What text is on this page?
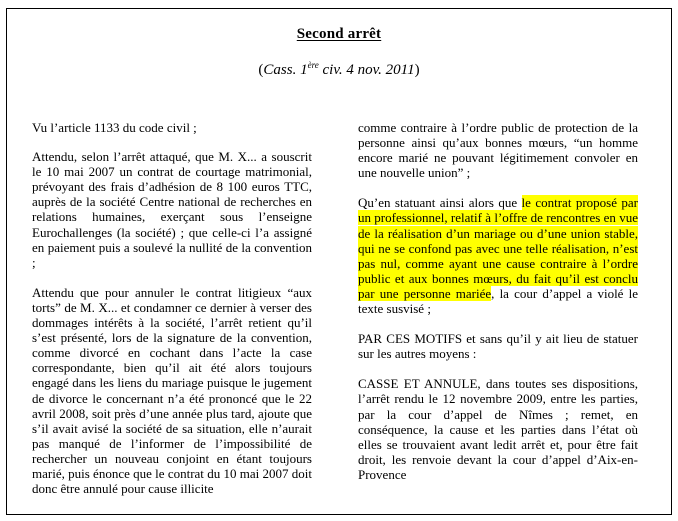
Second arrêt
(Cass. 1ère civ. 4 nov. 2011)

Vu l’article 1133 du code civil ;

Attendu, selon l’arrêt attaqué, que M. X... a souscrit le 10 mai 2007 un contrat de courtage matrimonial, prévoyant des frais d’adhésion de 8 100 euros TTC, auprès de la société Centre national de recherches en relations humaines, exerçant sous l’enseigne Eurochallenges (la société) ; que celle-ci l’a assigné en paiement puis a soulevé la nullité de la convention ;

Attendu que pour annuler le contrat litigieux “aux torts” de M. X... et condamner ce dernier à verser des dommages intérêts à la société, l’arrêt retient qu’il s’est présenté, lors de la signature de la convention, comme divorcé en cochant dans l’acte la case correspondante, bien qu’il ait été alors toujours engagé dans les liens du mariage puisque le jugement de divorce le concernant n’a été prononcé que le 22 avril 2008, soit près d’une année plus tard, ajoute que s’il avait avisé la société de sa situation, elle n’aurait pas manqué de l’informer de l’impossibilité de rechercher un nouveau conjoint en étant toujours marié, puis énonce que le contrat du 10 mai 2007 doit donc être annulé pour cause illicite

comme contraire à l’ordre public de protection de la personne ainsi qu’aux bonnes mœurs, “un homme encore marié ne pouvant légitimement convoler en une nouvelle union” ;

Qu’en statuant ainsi alors que le contrat proposé par un professionnel, relatif à l’offre de rencontres en vue de la réalisation d’un mariage ou d’une union stable, qui ne se confond pas avec une telle réalisation, n’est pas nul, comme ayant une cause contraire à l’ordre public et aux bonnes mœurs, du fait qu’il est conclu par une personne mariée, la cour d’appel a violé le texte susvisé ;

PAR CES MOTIFS et sans qu’il y ait lieu de statuer sur les autres moyens :

CASSE ET ANNULE, dans toutes ses dispositions, l’arrêt rendu le 12 novembre 2009, entre les parties, par la cour d’appel de Nîmes ; remet, en conséquence, la cause et les parties dans l’état où elles se trouvaient avant ledit arrêt et, pour être fait droit, les renvoie devant la cour d’appel d’Aix-en-Provence
